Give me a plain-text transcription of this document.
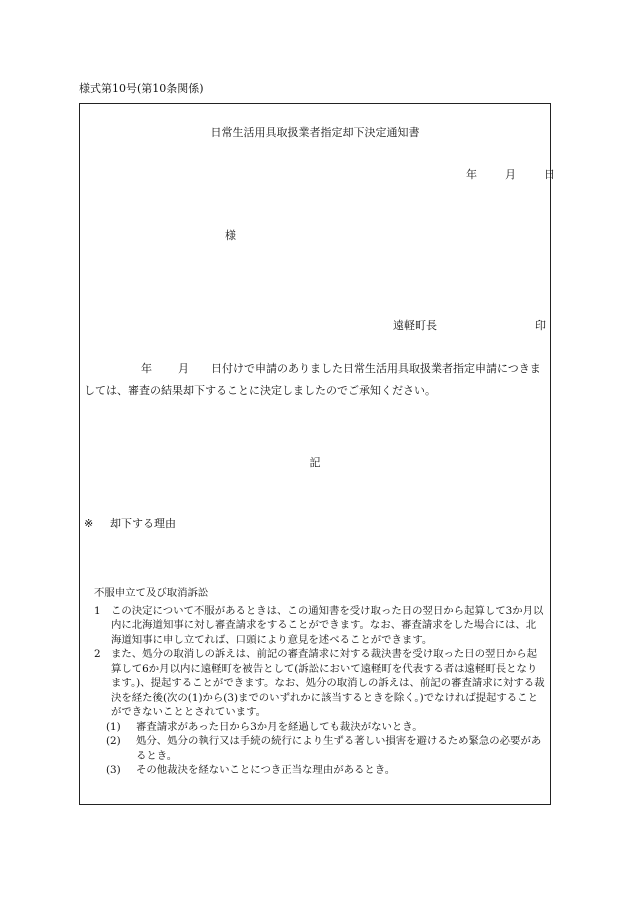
様式第10号(第10条関係)
日常生活用具取扱業者指定却下決定通知書
年	月	日
様
遠軽町長	印
年 月 日付けで申請のありました日常生活用具取扱業者指定申請につきましては、審査の結果却下することに決定しましたのでご承知ください。
記
※ 却下する理由
不服申立て及び取消訴訟
1 この決定について不服があるときは、この通知書を受け取った日の翌日から起算して3か月以内に北海道知事に対し審査請求をすることができます。なお、審査請求をした場合には、北海道知事に申し立てれば、口頭により意見を述べることができます。
2 また、処分の取消しの訴えは、前記の審査請求に対する裁決書を受け取った日の翌日から起算して6か月以内に遠軽町を被告として(訴訟において遠軽町を代表する者は遠軽町長となります。)、提起することができます。なお、処分の取消しの訴えは、前記の審査請求に対する裁決を経た後(次の(1)から(3)までのいずれかに該当するときを除く。)でなければ提起することができないこととされています。
(1)	審査請求があった日から3か月を経過しても裁決がないとき。
(2)	処分、処分の執行又は手続の続行により生ずる著しい損害を避けるため緊急の必要があるとき。
(3)	その他裁決を経ないことにつき正当な理由があるとき。
